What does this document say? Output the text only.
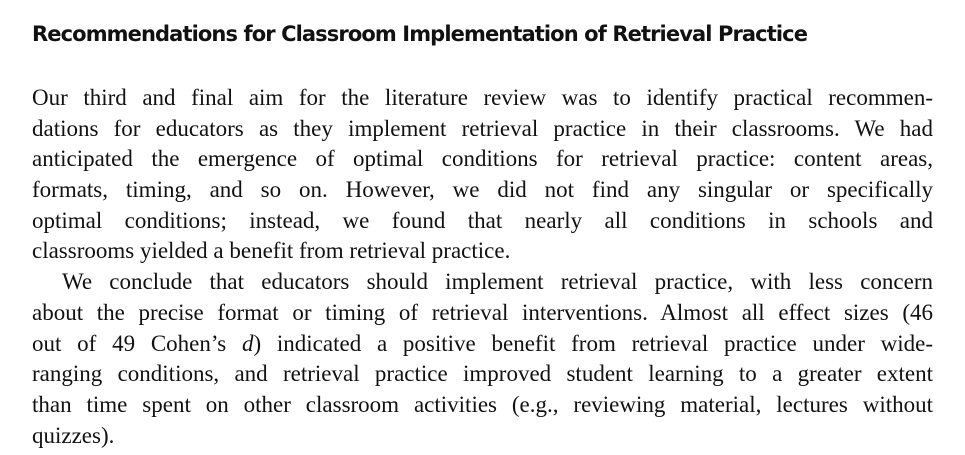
Recommendations for Classroom Implementation of Retrieval Practice
Our third and final aim for the literature review was to identify practical recommen-
dations for educators as they implement retrieval practice in their classrooms. We had
anticipated the emergence of optimal conditions for retrieval practice: content areas,
formats, timing, and so on. However, we did not find any singular or specifically
optimal conditions; instead, we found that nearly all conditions in schools and
classrooms yielded a benefit from retrieval practice.
We conclude that educators should implement retrieval practice, with less concern
about the precise format or timing of retrieval interventions. Almost all effect sizes (46
out of 49 Cohen’s d) indicated a positive benefit from retrieval practice under wide-
ranging conditions, and retrieval practice improved student learning to a greater extent
than time spent on other classroom activities (e.g., reviewing material, lectures without
quizzes).
